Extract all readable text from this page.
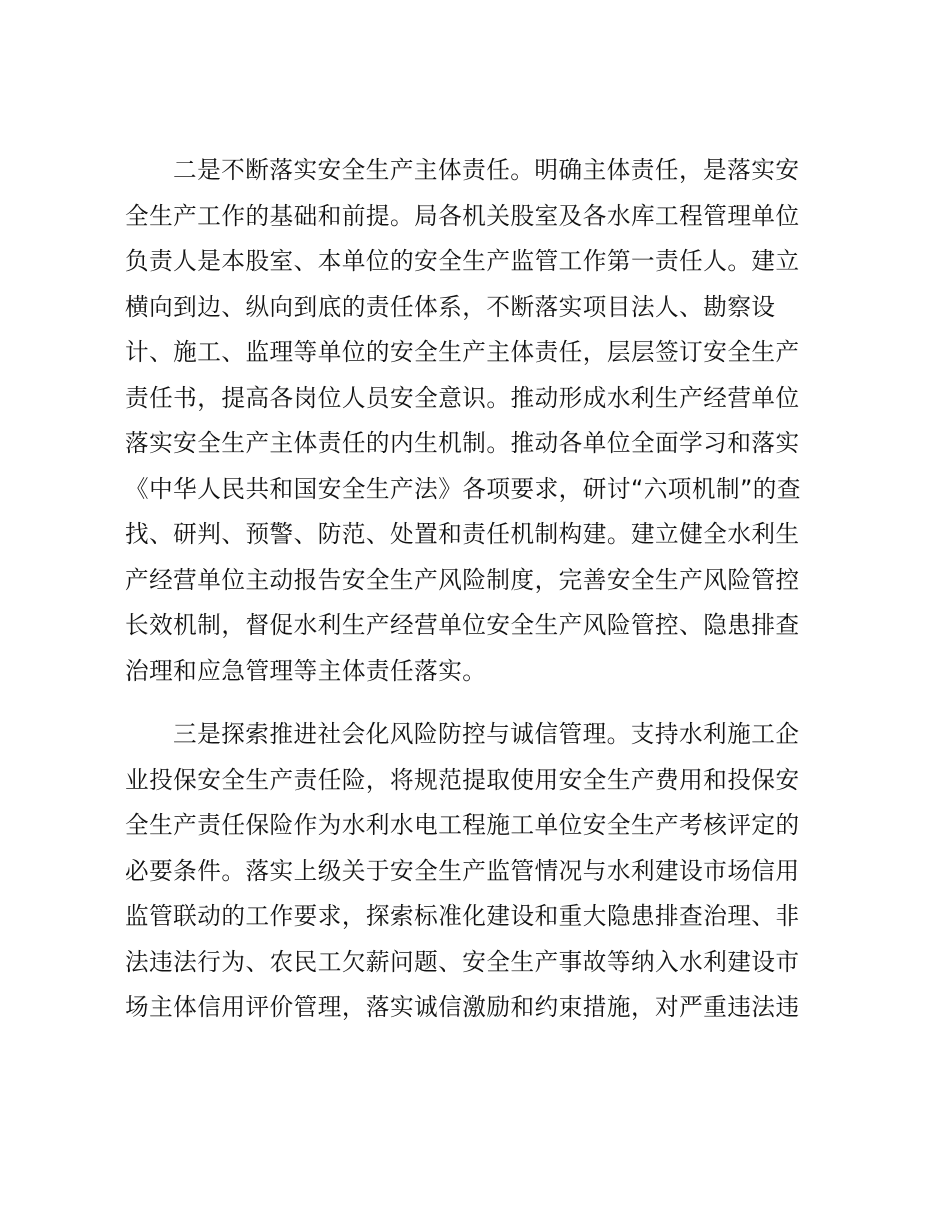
二是不断落实安全生产主体责任。明确主体责任，是落实安
全生产工作的基础和前提。局各机关股室及各水库工程管理单位
负责人是本股室、本单位的安全生产监管工作第一责任人。建立
横向到边、纵向到底的责任体系，不断落实项目法人、勘察设
计、施工、监理等单位的安全生产主体责任，层层签订安全生产
责任书，提高各岗位人员安全意识。推动形成水利生产经营单位
落实安全生产主体责任的内生机制。推动各单位全面学习和落实
《中华人民共和国安全生产法》各项要求，研讨“六项机制”的查
找、研判、预警、防范、处置和责任机制构建。建立健全水利生
产经营单位主动报告安全生产风险制度，完善安全生产风险管控
长效机制，督促水利生产经营单位安全生产风险管控、隐患排查
治理和应急管理等主体责任落实。
三是探索推进社会化风险防控与诚信管理。支持水利施工企
业投保安全生产责任险，将规范提取使用安全生产费用和投保安
全生产责任保险作为水利水电工程施工单位安全生产考核评定的
必要条件。落实上级关于安全生产监管情况与水利建设市场信用
监管联动的工作要求，探索标准化建设和重大隐患排查治理、非
法违法行为、农民工欠薪问题、安全生产事故等纳入水利建设市
场主体信用评价管理，落实诚信激励和约束措施，对严重违法违
